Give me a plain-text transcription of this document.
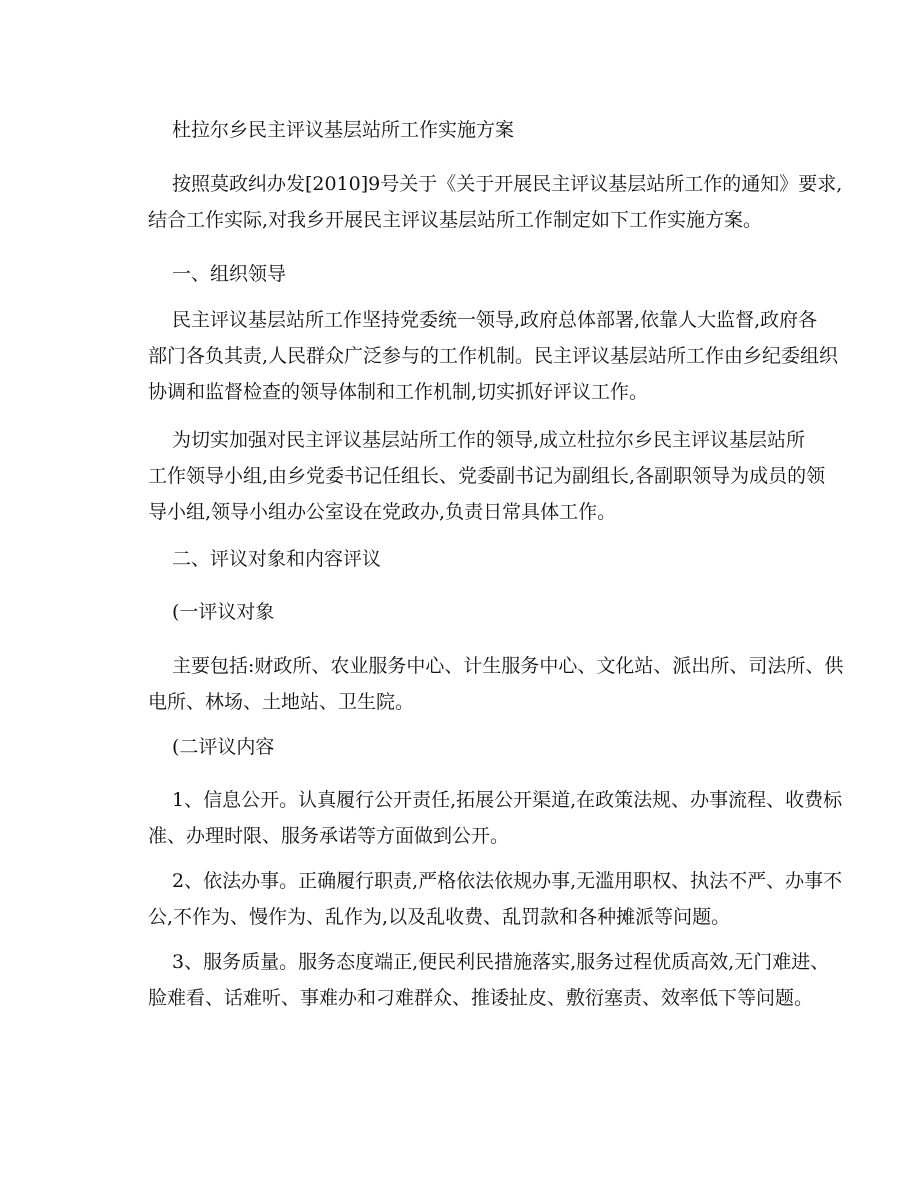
杜拉尔乡民主评议基层站所工作实施方案

按照莫政纠办发[2010]9号关于《关于开展民主评议基层站所工作的通知》要求,
结合工作实际,对我乡开展民主评议基层站所工作制定如下工作实施方案。

一、组织领导

民主评议基层站所工作坚持党委统一领导,政府总体部署,依靠人大监督,政府各
部门各负其责,人民群众广泛参与的工作机制。民主评议基层站所工作由乡纪委组织
协调和监督检查的领导体制和工作机制,切实抓好评议工作。

为切实加强对民主评议基层站所工作的领导,成立杜拉尔乡民主评议基层站所
工作领导小组,由乡党委书记任组长、党委副书记为副组长,各副职领导为成员的领
导小组,领导小组办公室设在党政办,负责日常具体工作。

二、评议对象和内容评议

(一评议对象

主要包括:财政所、农业服务中心、计生服务中心、文化站、派出所、司法所、供
电所、林场、土地站、卫生院。

(二评议内容

1、信息公开。认真履行公开责任,拓展公开渠道,在政策法规、办事流程、收费标
准、办理时限、服务承诺等方面做到公开。

2、依法办事。正确履行职责,严格依法依规办事,无滥用职权、执法不严、办事不
公,不作为、慢作为、乱作为,以及乱收费、乱罚款和各种摊派等问题。

3、服务质量。服务态度端正,便民利民措施落实,服务过程优质高效,无门难进、
脸难看、话难听、事难办和刁难群众、推诿扯皮、敷衍塞责、效率低下等问题。
